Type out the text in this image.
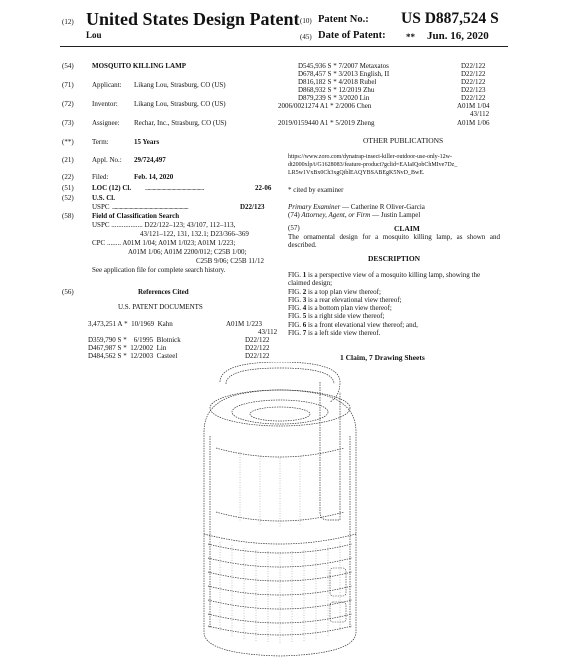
(12) United States Design Patent
Lou
(10) Patent No.: US D887,524 S
(45) Date of Patent: ** Jun. 16, 2020
(54)	MOSQUITO KILLING LAMP
(71)	Applicant: Likang Lou, Strasburg, CO (US)
(72)	Inventor: Likang Lou, Strasburg, CO (US)
(73)	Assignee: Rechar, Inc., Strasburg, CO (US)
(**)	Term:	15 Years
(21)	Appl. No.: 29/724,497
(22)	Filed:	Feb. 14, 2020
(51)	LOC (12) Cl. ...............................................	22-06
(52)	U.S. Cl.
USPC .............................................................	D22/123
(58)	Field of Classification Search
USPC .................. D22/122–123; 43/107, 112–113,
43/121–122, 131, 132.1; D23/366–369
CPC ........ A01M 1/04; A01M 1/023; A01M 1/223;
A01M 1/06; A01M 2200/012; C25B 1/00;
C25B 9/06; C25B 11/12
See application file for complete search history.
(56)	References Cited
U.S. PATENT DOCUMENTS
3,473,251 A * 10/1969 Kahn	A01M 1/223
43/112
D359,790 S * 6/1995 Blotnick	D22/122
D467,987 S * 12/2002 Lin	D22/122
D484,562 S * 12/2003 Casteel	D22/122
D545,936 S * 7/2007 Metaxatos	D22/122
D678,457 S * 3/2013 English, II	D22/122
D816,182 S * 4/2018 Rubel	D22/122
D868,932 S * 12/2019 Zhu	D22/123
D879,239 S * 3/2020 Lin	D22/122
2006/0021274 A1 * 2/2006 Chen	A01M 1/04
43/112
2019/0159440 A1 * 5/2019 Zheng	A01M 1/06
OTHER PUBLICATIONS
https://www.zoro.com/dynatrap-insect-killer-outdoor-use-only-12w-
dt2000xlp/i/G1628083/feature-product?gclid=EAIaIQobChMIve7Dz_
LR5w1VxBx0Ch3xgQiblEAQYBSABEgK5NvD_BwE.
* cited by examiner
Primary Examiner — Catherine R Oliver-Garcia
(74) Attorney, Agent, or Firm — Justin Lampel
(57)	CLAIM
The ornamental design for a mosquito killing lamp, as shown and described.
DESCRIPTION
FIG. 1 is a perspective view of a mosquito killing lamp, showing the claimed design;
FIG. 2 is a top plan view thereof;
FIG. 3 is a rear elevational view thereof;
FIG. 4 is a bottom plan view thereof;
FIG. 5 is a right side view thereof;
FIG. 6 is a front elevational view thereof; and,
FIG. 7 is a left side view thereof.
1 Claim, 7 Drawing Sheets
